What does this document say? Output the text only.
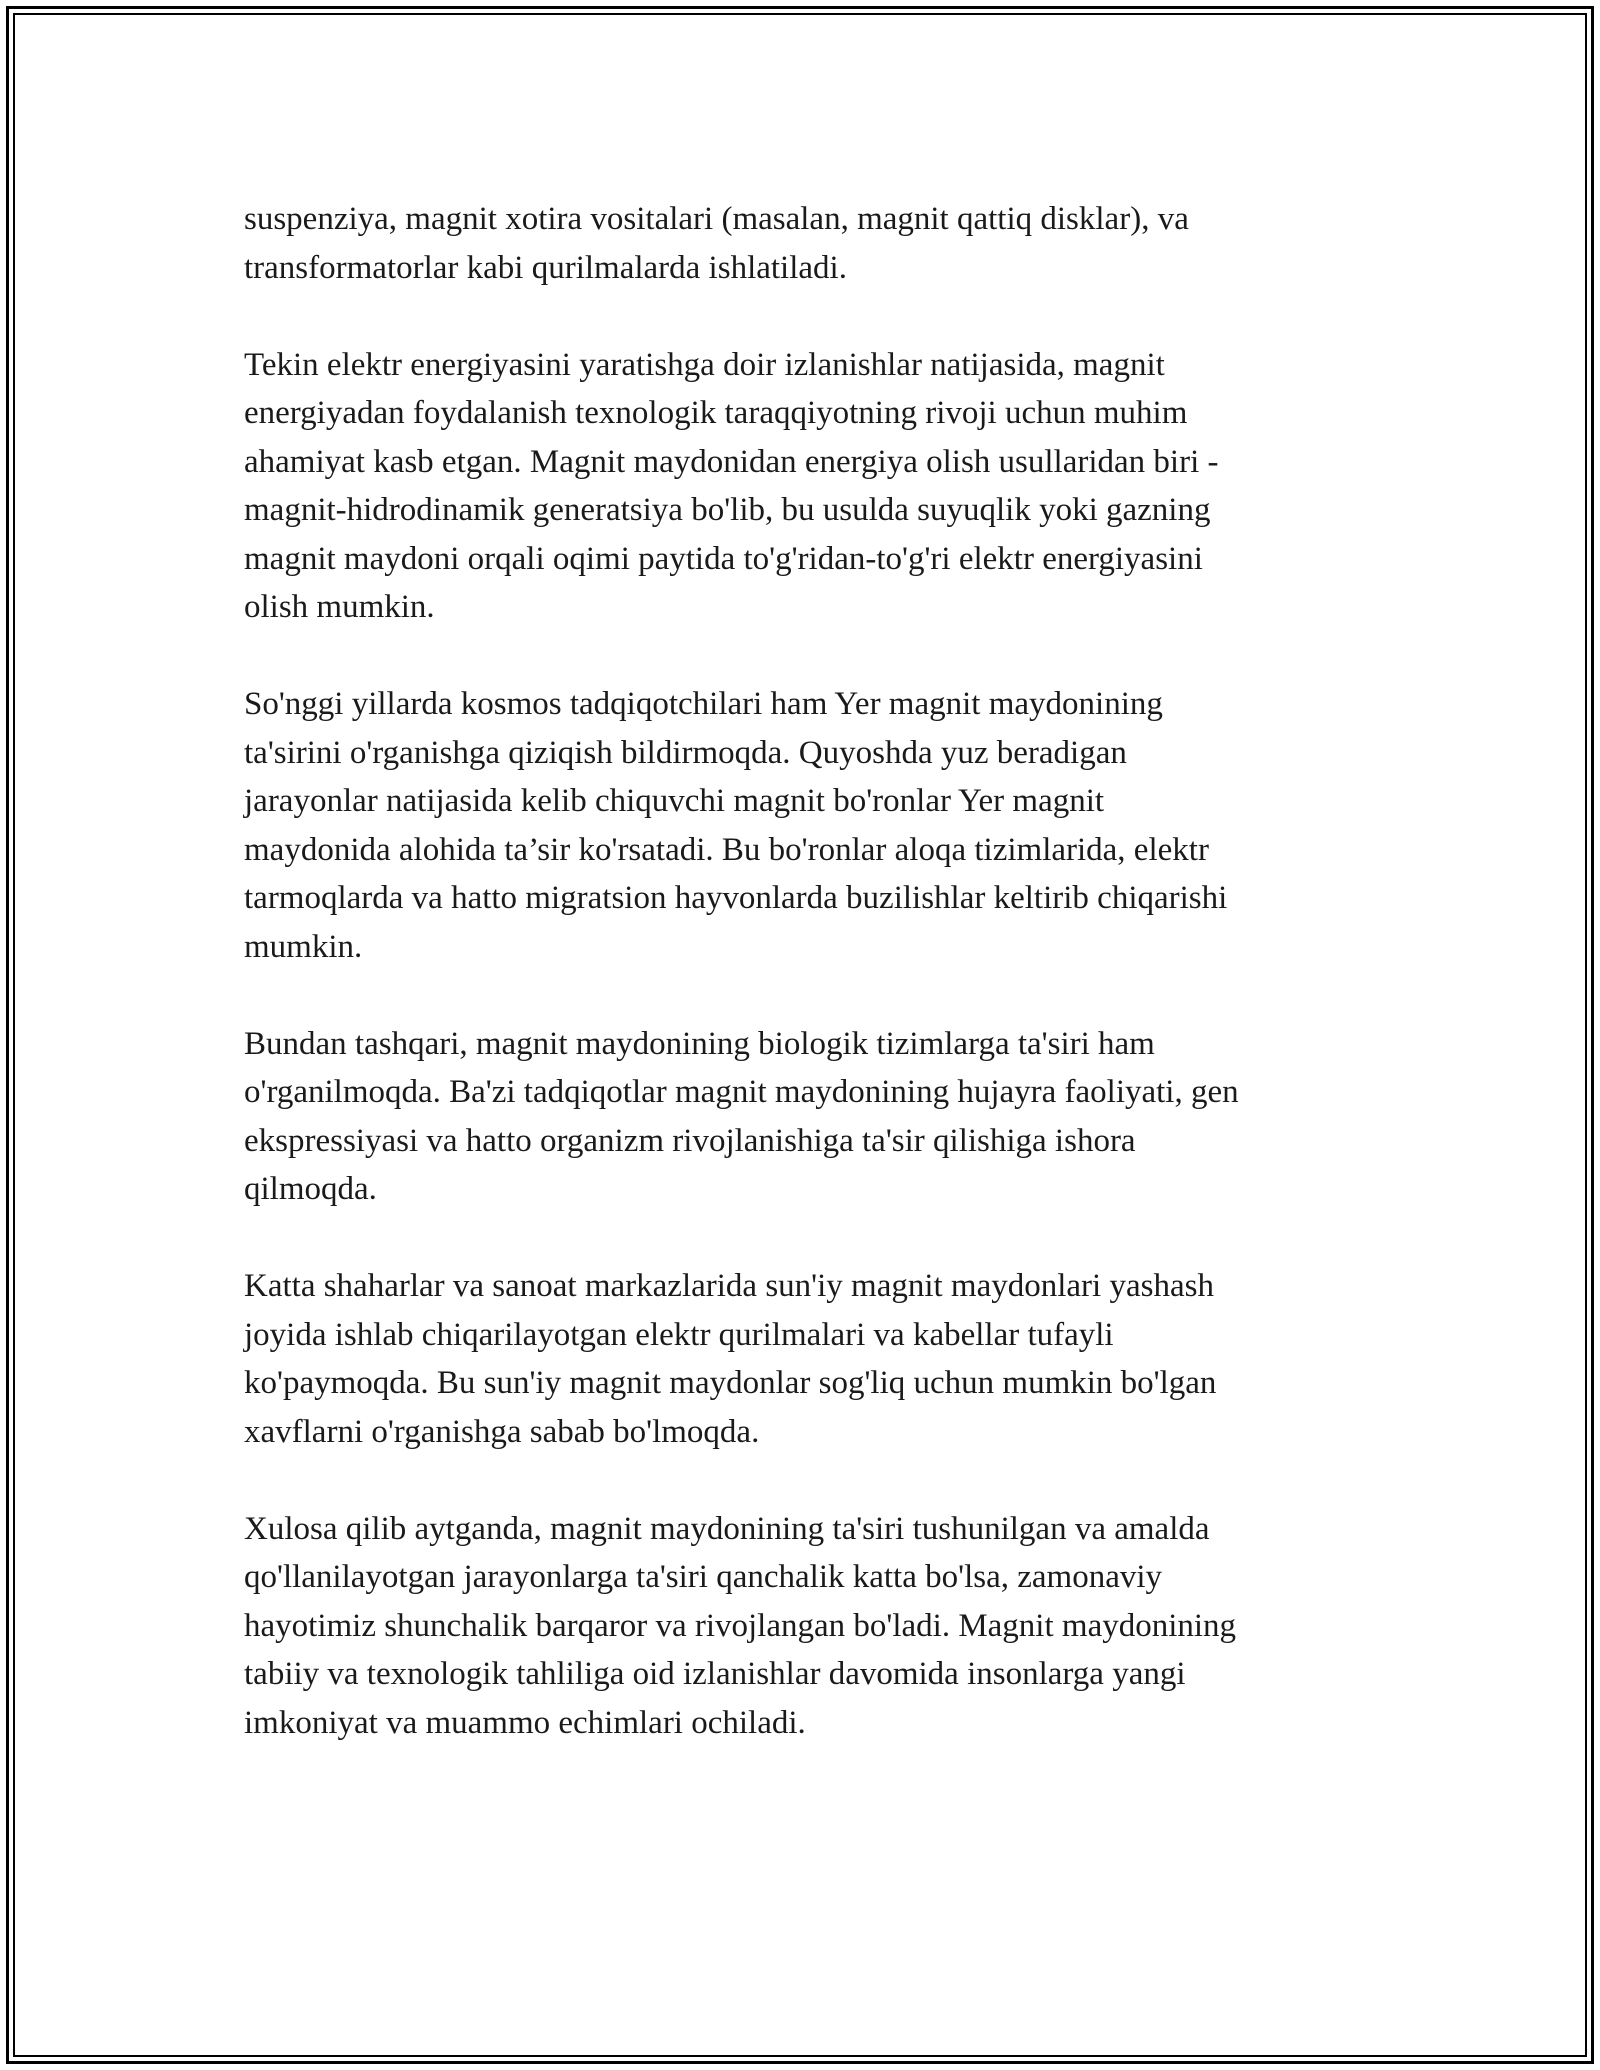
suspenziya, magnit xotira vositalari (masalan, magnit qattiq disklar), va
transformatorlar kabi qurilmalarda ishlatiladi.

Tekin elektr energiyasini yaratishga doir izlanishlar natijasida, magnit
energiyadan foydalanish texnologik taraqqiyotning rivoji uchun muhim
ahamiyat kasb etgan. Magnit maydonidan energiya olish usullaridan biri -
magnit-hidrodinamik generatsiya bo'lib, bu usulda suyuqlik yoki gazning
magnit maydoni orqali oqimi paytida to'g'ridan-to'g'ri elektr energiyasini
olish mumkin.

So'nggi yillarda kosmos tadqiqotchilari ham Yer magnit maydonining
ta'sirini o'rganishga qiziqish bildirmoqda. Quyoshda yuz beradigan
jarayonlar natijasida kelib chiquvchi magnit bo'ronlar Yer magnit
maydonida alohida ta’sir ko'rsatadi. Bu bo'ronlar aloqa tizimlarida, elektr
tarmoqlarda va hatto migratsion hayvonlarda buzilishlar keltirib chiqarishi
mumkin.

Bundan tashqari, magnit maydonining biologik tizimlarga ta'siri ham
o'rganilmoqda. Ba'zi tadqiqotlar magnit maydonining hujayra faoliyati, gen
ekspressiyasi va hatto organizm rivojlanishiga ta'sir qilishiga ishora
qilmoqda.

Katta shaharlar va sanoat markazlarida sun'iy magnit maydonlari yashash
joyida ishlab chiqarilayotgan elektr qurilmalari va kabellar tufayli
ko'paymoqda. Bu sun'iy magnit maydonlar sog'liq uchun mumkin bo'lgan
xavflarni o'rganishga sabab bo'lmoqda.

Xulosa qilib aytganda, magnit maydonining ta'siri tushunilgan va amalda
qo'llanilayotgan jarayonlarga ta'siri qanchalik katta bo'lsa, zamonaviy
hayotimiz shunchalik barqaror va rivojlangan bo'ladi. Magnit maydonining
tabiiy va texnologik tahliliga oid izlanishlar davomida insonlarga yangi
imkoniyat va muammo echimlari ochiladi.
